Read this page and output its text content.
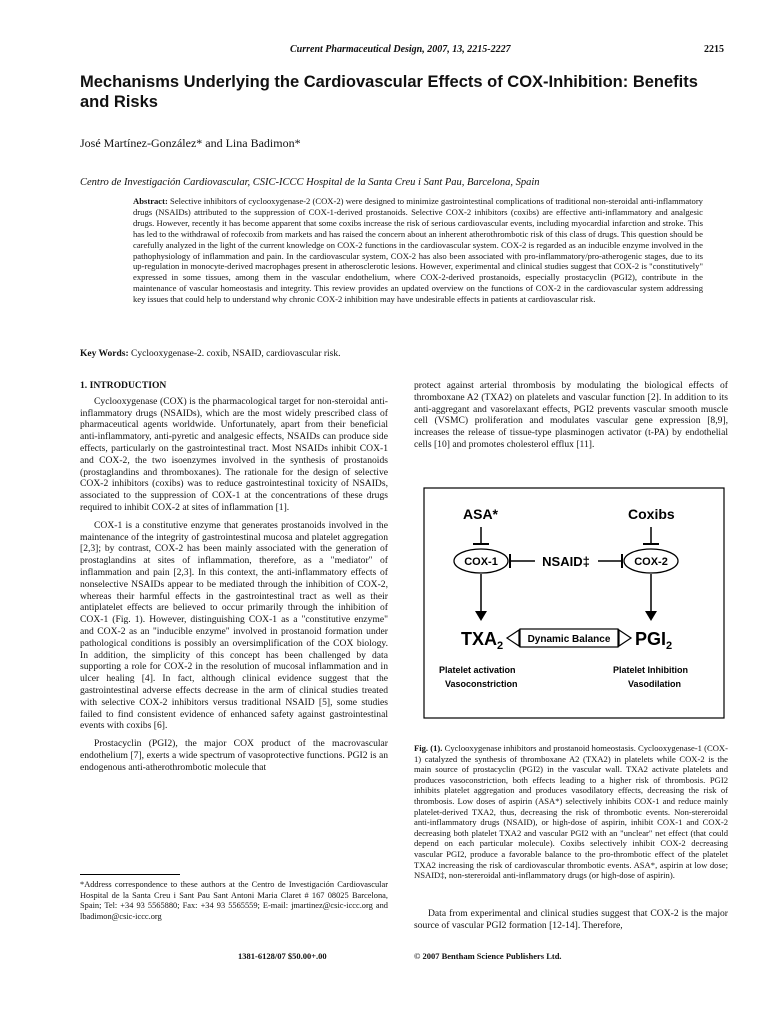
Current Pharmaceutical Design, 2007, 13, 2215-2227	2215
Mechanisms Underlying the Cardiovascular Effects of COX-Inhibition: Benefits and Risks
José Martínez-González* and Lina Badimon*
Centro de Investigación Cardiovascular, CSIC-ICCC Hospital de la Santa Creu i Sant Pau, Barcelona, Spain
Abstract: Selective inhibitors of cyclooxygenase-2 (COX-2) were designed to minimize gastrointestinal complications of traditional non-steroidal anti-inflammatory drugs (NSAIDs) attributed to the suppression of COX-1-derived prostanoids. Selective COX-2 inhibitors (coxibs) are effective anti-inflammatory and analgesic drugs. However, recently it has become apparent that some coxibs increase the risk of serious cardiovascular events, including myocardial infarction and stroke. This has led to the withdrawal of rofecoxib from markets and has raised the concern about an inherent atherothrombotic risk of this class of drugs. This question should be carefully analyzed in the light of the current knowledge on COX-2 functions in the cardiovascular system. COX-2 is regarded as an inducible enzyme involved in the pathophysiology of inflammation and pain. In the cardiovascular system, COX-2 has also been associated with pro-inflammatory/pro-atherogenic stages, due to its up-regulation in monocyte-derived macrophages present in atherosclerotic lesions. However, experimental and clinical studies suggest that COX-2 is "constitutively" expressed in some tissues, among them in the vascular endothelium, where COX-2-derived prostanoids, especially prostacyclin (PGI2), contribute in the maintenance of vascular homeostasis and integrity. This review provides an updated overview on the functions of COX-2 in the cardiovascular system addressing key issues that could help to understand why chronic COX-2 inhibition may have undesirable effects in patients at cardiovascular risk.
Key Words: Cyclooxygenase-2. coxib, NSAID, cardiovascular risk.
1. INTRODUCTION

Cyclooxygenase (COX) is the pharmacological target for non-steroidal anti-inflammatory drugs (NSAIDs), which are the most widely prescribed class of pharmaceutical agents worldwide. Unfortunately, apart from their beneficial anti-inflammatory, anti-pyretic and analgesic effects, NSAIDs can produce side effects, particularly on the gastrointestinal tract. Most NSAIDs inhibit COX-1 and COX-2, the two isoenzymes involved in the synthesis of prostanoids (prostaglandins and thromboxanes). The rationale for the design of selective COX-2 inhibitors (coxibs) was to reduce gastrointestinal toxicity of NSAIDs, associated to the suppression of COX-1 at the concentrations of these drugs required to inhibit COX-2 at sites of inflammation [1].

COX-1 is a constitutive enzyme that generates prostanoids involved in the maintenance of the integrity of gastrointestinal mucosa and platelet aggregation [2,3]; by contrast, COX-2 has been mainly associated with the generation of prostaglandins at sites of inflammation, therefore, as a "mediator" of inflammation and pain [2,3]. In this context, the anti-inflammatory effects of nonselective NSAIDs appear to be mediated through the inhibition of COX-2, whereas their harmful effects in the gastrointestinal tract as well as their antiplatelet effects are believed to occur primarily through the inhibition of COX-1 (Fig. 1). However, distinguishing COX-1 as a "constitutive enzyme" and COX-2 as an "inducible enzyme" involved in prostanoid formation under pathological conditions is possibly an oversimplification of the COX biology. In addition, the simplicity of this concept has been challenged by data supporting a role for COX-2 in the resolution of mucosal inflammation and in ulcer healing [4]. In fact, although clinical evidence suggest that the gastrointestinal adverse effects decrease in the arm of clinical studies treated with selective COX-2 inhibitors versus traditional NSAID [5], some studies failed to find consistent evidence of enhanced safety against gastrointestinal events with coxibs [6].

Prostacyclin (PGI2), the major COX product of the macrovascular endothelium [7], exerts a wide spectrum of vasoprotective functions. PGI2 is an endogenous anti-atherothrombotic molecule that

*Address correspondence to these authors at the Centro de Investigación Cardiovascular Hospital de la Santa Creu i Sant Pau Sant Antoni Maria Claret # 167 08025 Barcelona, Spain; Tel: +34 93 5565880; Fax: +34 93 5565559; E-mail: jmartinez@csic-iccc.org and lbadimon@csic-iccc.org

protect against arterial thrombosis by modulating the biological effects of thromboxane A2 (TXA2) on platelets and vascular function [2]. In addition to its anti-aggregant and vasorelaxant effects, PGI2 prevents vascular smooth muscle cell (VSMC) proliferation and modulates vascular gene expression [8,9], increases the release of tissue-type plasminogen activator (t-PA) by endothelial cells [10] and promotes cholesterol efflux [11].

ASA*	Coxibs
COX-1	COX-2
NSAID‡
$TXA_2$	$PGI_2$
Dynamic Balance
Platelet activation
Vasoconstriction
Platelet Inhibition
Vasodilation
Fig. (1). Cyclooxygenase inhibitors and prostanoid homeostasis. Cyclooxygenase-1 (COX-1) catalyzed the synthesis of thromboxane A2 (TXA2) in platelets while COX-2 is the main source of prostacyclin (PGI2) in the vascular wall. TXA2 activate platelets and produces vasoconstriction, both effects leading to a higher risk of thrombosis. PGI2 inhibits platelet aggregation and produces vasodilatory effects, decreasing the risk of thrombosis. Low doses of aspirin (ASA*) selectively inhibits COX-1 and reduce mainly platelet-derived TXA2, thus, decreasing the risk of thrombotic events. Non-stereroidal anti-inflammatory drugs (NSAID), or high-dose of aspirin, inhibit COX-1 and COX-2 decreasing both platelet TXA2 and vascular PGI2 with an "unclear" net effect (that could depend on each particular molecule). Coxibs selectively inhibit COX-2 decreasing vascular PGI2, produce a favorable balance to the pro-thrombotic effect of the platelet TXA2 increasing the risk of cardiovascular thrombotic events. ASA*, aspirin at low dose; NSAID‡, non-stereroidal anti-inflammatory drugs (or high-dose of aspirin).

Data from experimental and clinical studies suggest that COX-2 is the major source of vascular PGI2 formation [12-14]. Therefore,

1381-6128/07 $50.00+.00	© 2007 Bentham Science Publishers Ltd.
